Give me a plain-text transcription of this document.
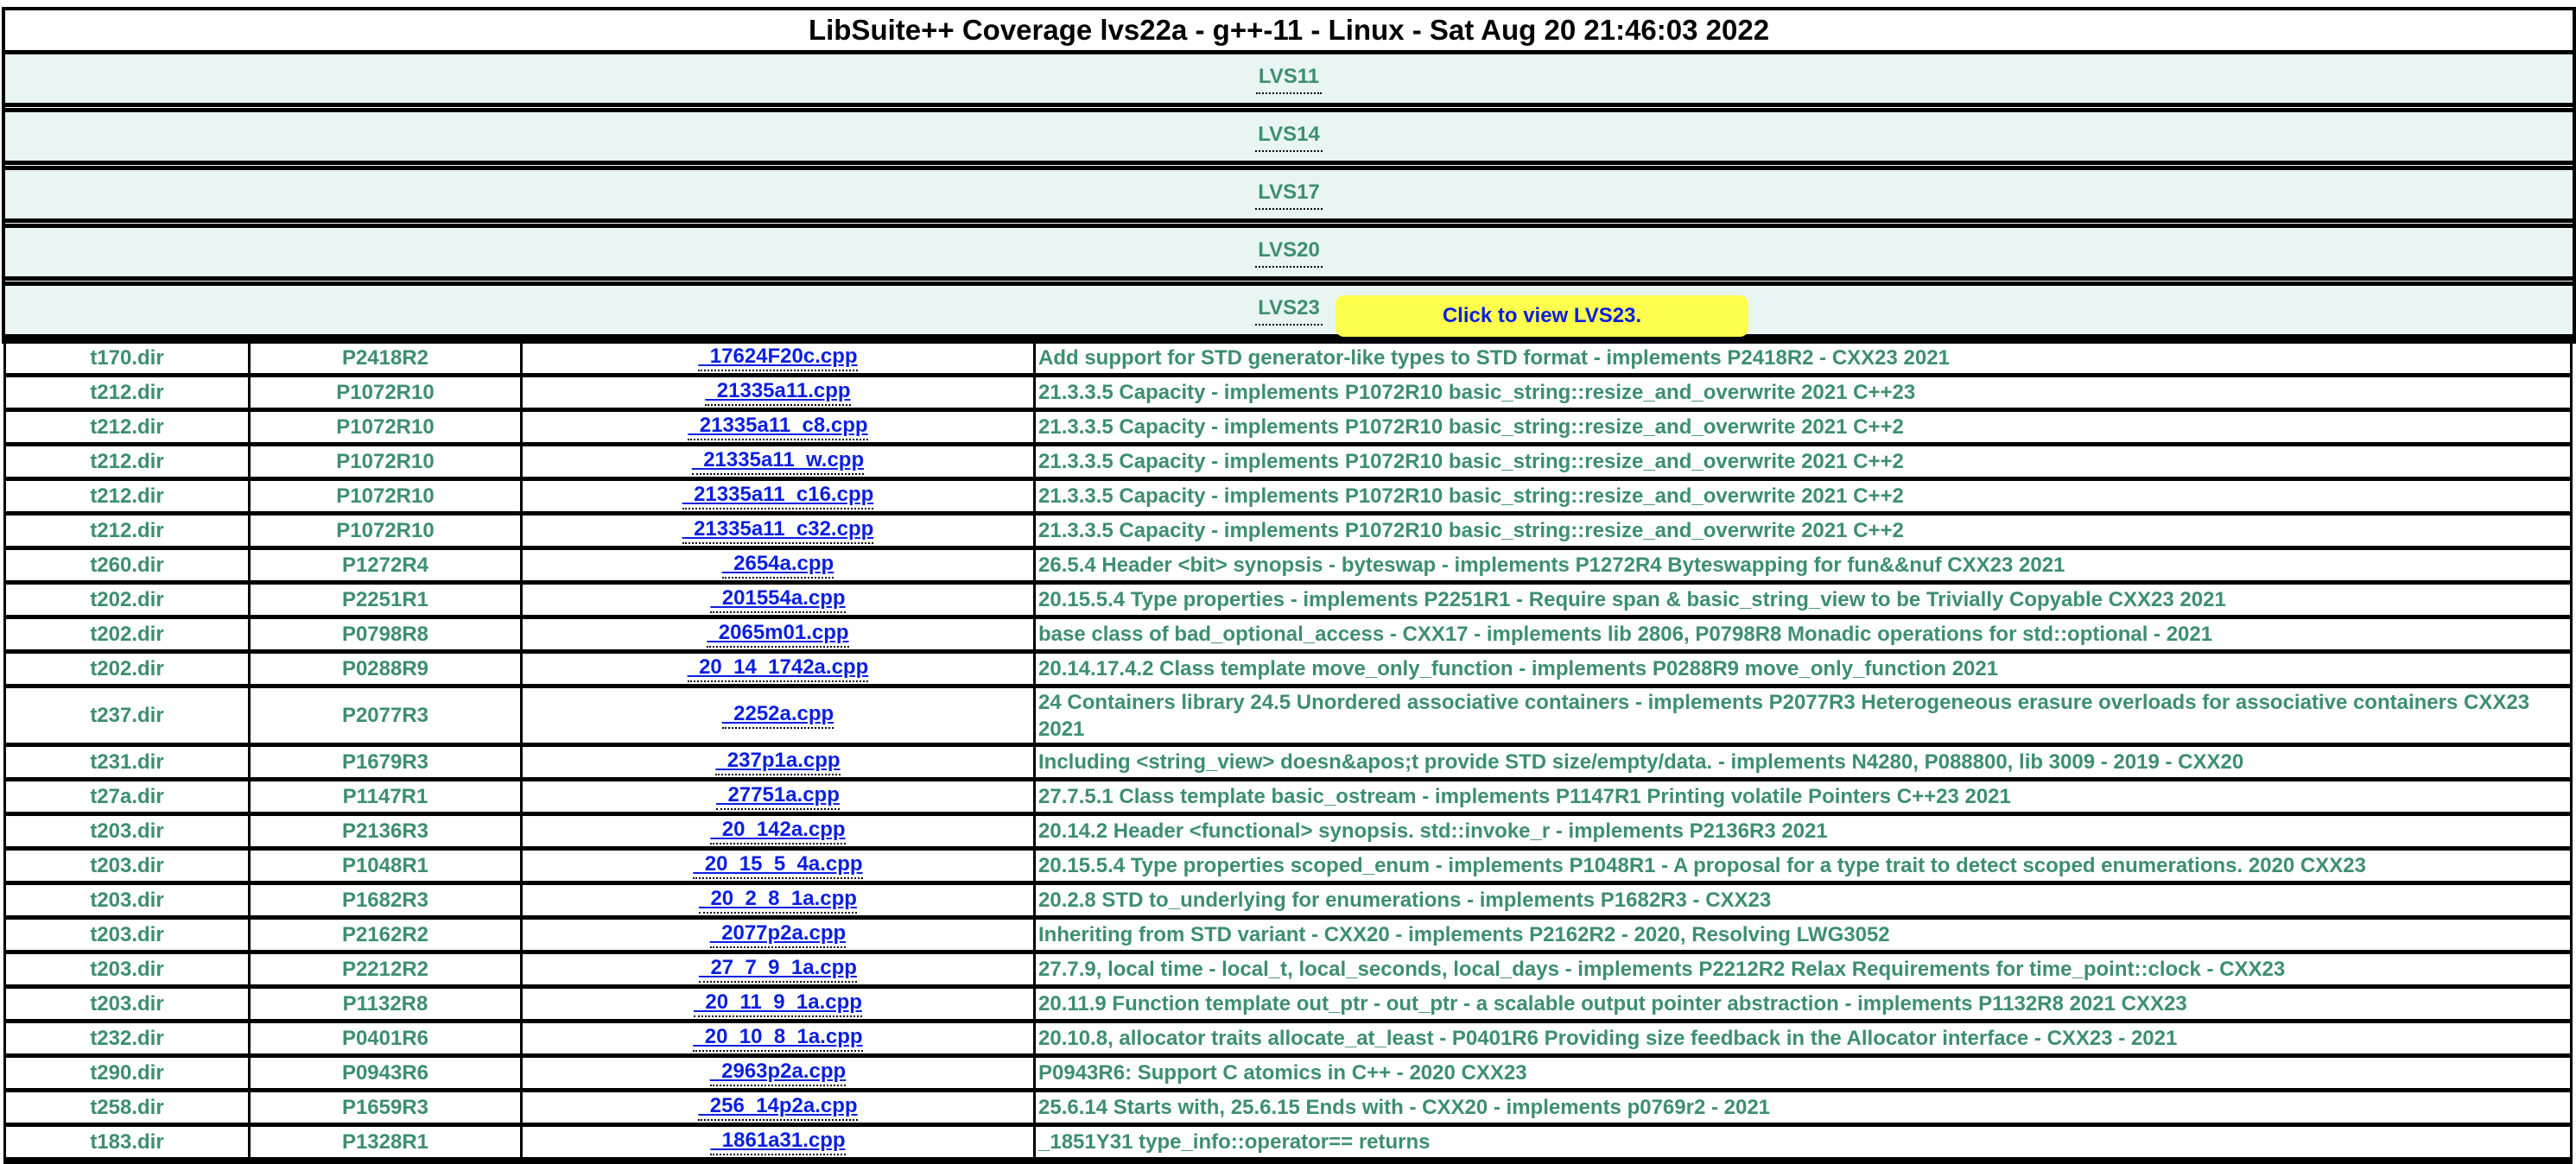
LibSuite++ Coverage lvs22a - g++-11 - Linux - Sat Aug 20 21:46:03 2022
LVS11
LVS14
LVS17
LVS20
LVS23	Click to view LVS23.
t170.dir	P2418R2	_17624F20c.cpp	Add support for STD generator-like types to STD format - implements P2418R2 - CXX23 2021
t212.dir	P1072R10	_21335a11.cpp	21.3.3.5 Capacity - implements P1072R10 basic_string::resize_and_overwrite 2021 C++23
t212.dir	P1072R10	_21335a11_c8.cpp	21.3.3.5 Capacity - implements P1072R10 basic_string::resize_and_overwrite 2021 C++2
t212.dir	P1072R10	_21335a11_w.cpp	21.3.3.5 Capacity - implements P1072R10 basic_string::resize_and_overwrite 2021 C++2
t212.dir	P1072R10	_21335a11_c16.cpp	21.3.3.5 Capacity - implements P1072R10 basic_string::resize_and_overwrite 2021 C++2
t212.dir	P1072R10	_21335a11_c32.cpp	21.3.3.5 Capacity - implements P1072R10 basic_string::resize_and_overwrite 2021 C++2
t260.dir	P1272R4	_2654a.cpp	26.5.4 Header <bit> synopsis - byteswap - implements P1272R4 Byteswapping for fun&&nuf CXX23 2021
t202.dir	P2251R1	_201554a.cpp	20.15.5.4 Type properties - implements P2251R1 - Require span & basic_string_view to be Trivially Copyable CXX23 2021
t202.dir	P0798R8	_2065m01.cpp	base class of bad_optional_access - CXX17 - implements lib 2806, P0798R8 Monadic operations for std::optional - 2021
t202.dir	P0288R9	_20_14_1742a.cpp	20.14.17.4.2 Class template move_only_function - implements P0288R9 move_only_function 2021
t237.dir	P2077R3	_2252a.cpp	24 Containers library 24.5 Unordered associative containers - implements P2077R3 Heterogeneous erasure overloads for associative containers CXX23 2021
t231.dir	P1679R3	_237p1a.cpp	Including <string_view> doesn&apos;t provide STD size/empty/data. - implements N4280, P088800, lib 3009 - 2019 - CXX20
t27a.dir	P1147R1	_27751a.cpp	27.7.5.1 Class template basic_ostream - implements P1147R1 Printing volatile Pointers C++23 2021
t203.dir	P2136R3	_20_142a.cpp	20.14.2 Header <functional> synopsis. std::invoke_r - implements P2136R3 2021
t203.dir	P1048R1	_20_15_5_4a.cpp	20.15.5.4 Type properties scoped_enum - implements P1048R1 - A proposal for a type trait to detect scoped enumerations. 2020 CXX23
t203.dir	P1682R3	_20_2_8_1a.cpp	20.2.8 STD to_underlying for enumerations - implements P1682R3 - CXX23
t203.dir	P2162R2	_2077p2a.cpp	Inheriting from STD variant - CXX20 - implements P2162R2 - 2020, Resolving LWG3052
t203.dir	P2212R2	_27_7_9_1a.cpp	27.7.9, local time - local_t, local_seconds, local_days - implements P2212R2 Relax Requirements for time_point::clock - CXX23
t203.dir	P1132R8	_20_11_9_1a.cpp	20.11.9 Function template out_ptr - out_ptr - a scalable output pointer abstraction - implements P1132R8 2021 CXX23
t232.dir	P0401R6	_20_10_8_1a.cpp	20.10.8, allocator traits allocate_at_least - P0401R6 Providing size feedback in the Allocator interface - CXX23 - 2021
t290.dir	P0943R6	_2963p2a.cpp	P0943R6: Support C atomics in C++ - 2020 CXX23
t258.dir	P1659R3	_256_14p2a.cpp	25.6.14 Starts with, 25.6.15 Ends with - CXX20 - implements p0769r2 - 2021
t183.dir	P1328R1	_1861a31.cpp	_1851Y31 type_info::operator== returns
